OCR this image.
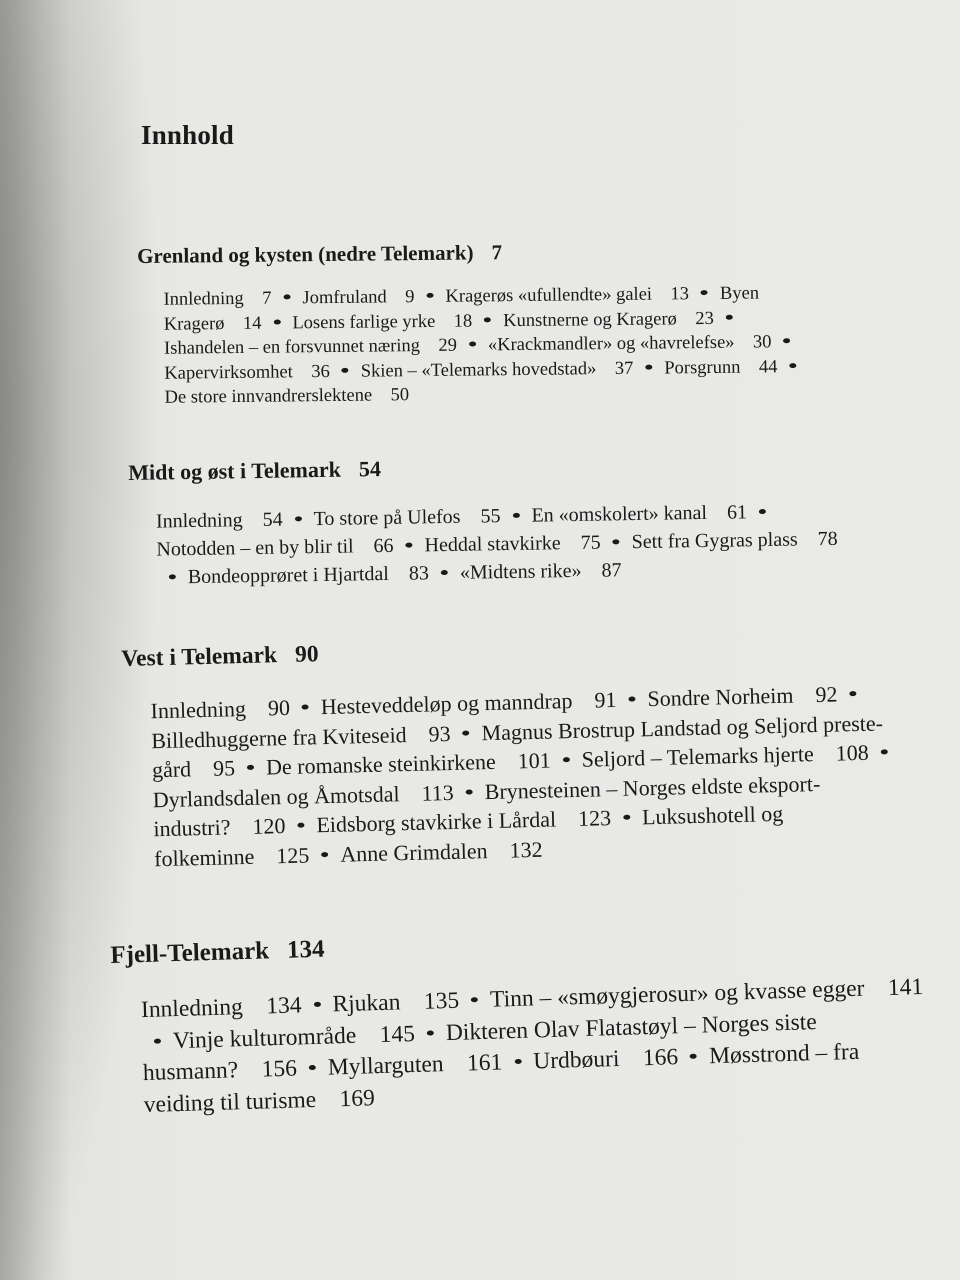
Innhold
Grenland og kysten (nedre Telemark) 7
Innledning   7 Jomfruland   9 Kragerøs «ufullendte» galei   13 Byen
Kragerø   14 Losens farlige yrke   18 Kunstnerne og Kragerø   23
Ishandelen – en forsvunnet næring   29 «Krackmandler» og «havrelefse»   30
Kapervirksomhet   36 Skien – «Telemarks hovedstad»   37 Porsgrunn   44
De store innvandrerslektene   50
Midt og øst i Telemark 54
Innledning   54 To store på Ulefos   55 En «omskolert» kanal   61
Notodden – en by blir til   66 Heddal stavkirke   75 Sett fra Gygras plass   78
Bondeopprøret i Hjartdal   83 «Midtens rike»   87
Vest i Telemark 90
Innledning   90 Hesteveddeløp og manndrap   91 Sondre Norheim   92
Billedhuggerne fra Kviteseid   93 Magnus Brostrup Landstad og Seljord preste-
gård   95 De romanske steinkirkene   101 Seljord – Telemarks hjerte   108
Dyrlandsdalen og Åmotsdal   113 Brynesteinen – Norges eldste eksport-
industri?   120 Eidsborg stavkirke i Lårdal   123 Luksushotell og
folkeminne   125 Anne Grimdalen   132
Fjell-Telemark 134
Innledning   134 Rjukan   135 Tinn – «smøygjerosur» og kvasse egger   141
Vinje kulturområde   145 Dikteren Olav Flatastøyl – Norges siste
husmann?   156 Myllarguten   161 Urdbøuri   166 Møsstrond – fra
veiding til turisme   169
